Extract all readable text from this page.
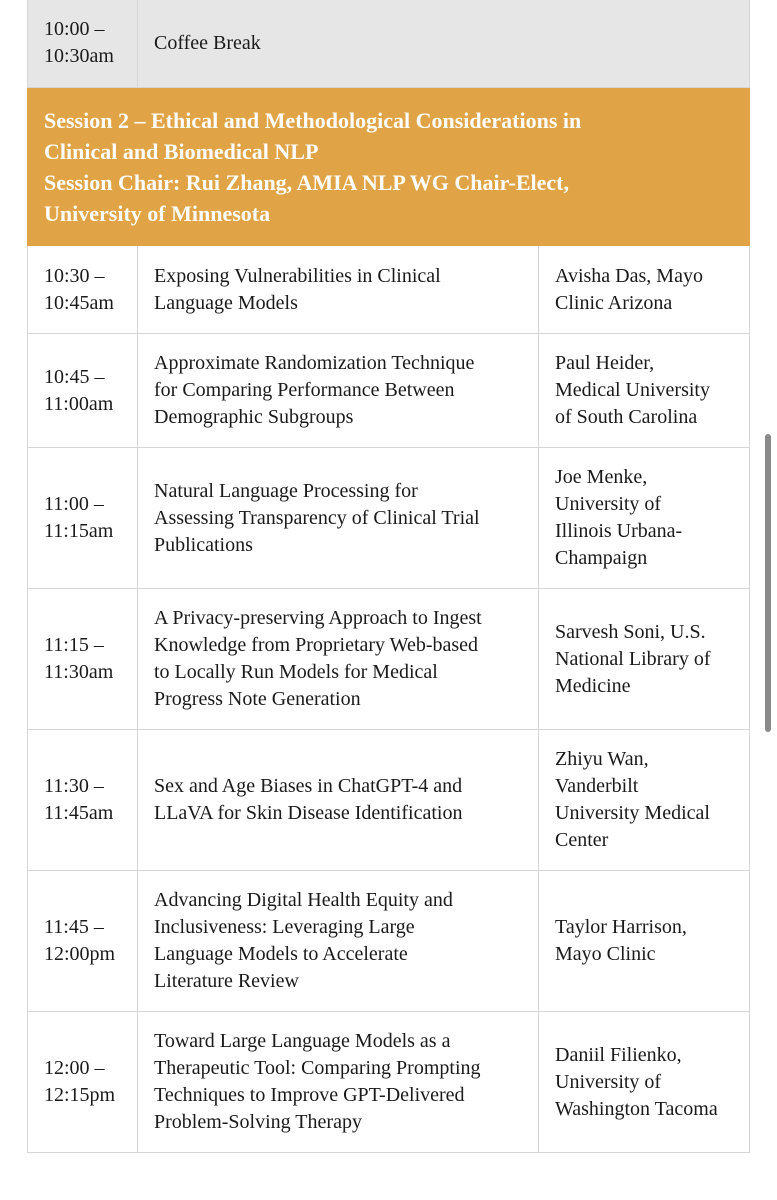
10:00 –
10:30am	Coffee Break	

Session 2 – Ethical and Methodological Considerations in
Clinical and Biomedical NLP
Session Chair: Rui Zhang, AMIA NLP WG Chair-Elect,
University of Minnesota		

10:30 –
10:45am	Exposing Vulnerabilities in Clinical
Language Models	Avisha Das, Mayo
Clinic Arizona

10:45 –
11:00am	Approximate Randomization Technique
for Comparing Performance Between
Demographic Subgroups	Paul Heider,
Medical University
of South Carolina

11:00 –
11:15am	Natural Language Processing for
Assessing Transparency of Clinical Trial
Publications	Joe Menke,
University of
Illinois Urbana-
Champaign

11:15 –
11:30am	A Privacy-preserving Approach to Ingest
Knowledge from Proprietary Web-based
to Locally Run Models for Medical
Progress Note Generation	Sarvesh Soni, U.S.
National Library of
Medicine

11:30 –
11:45am	Sex and Age Biases in ChatGPT-4 and
LLaVA for Skin Disease Identification	Zhiyu Wan,
Vanderbilt
University Medical
Center

11:45 –
12:00pm	Advancing Digital Health Equity and
Inclusiveness: Leveraging Large
Language Models to Accelerate
Literature Review	Taylor Harrison,
Mayo Clinic

12:00 –
12:15pm	Toward Large Language Models as a
Therapeutic Tool: Comparing Prompting
Techniques to Improve GPT-Delivered
Problem-Solving Therapy	Daniil Filienko,
University of
Washington Tacoma
